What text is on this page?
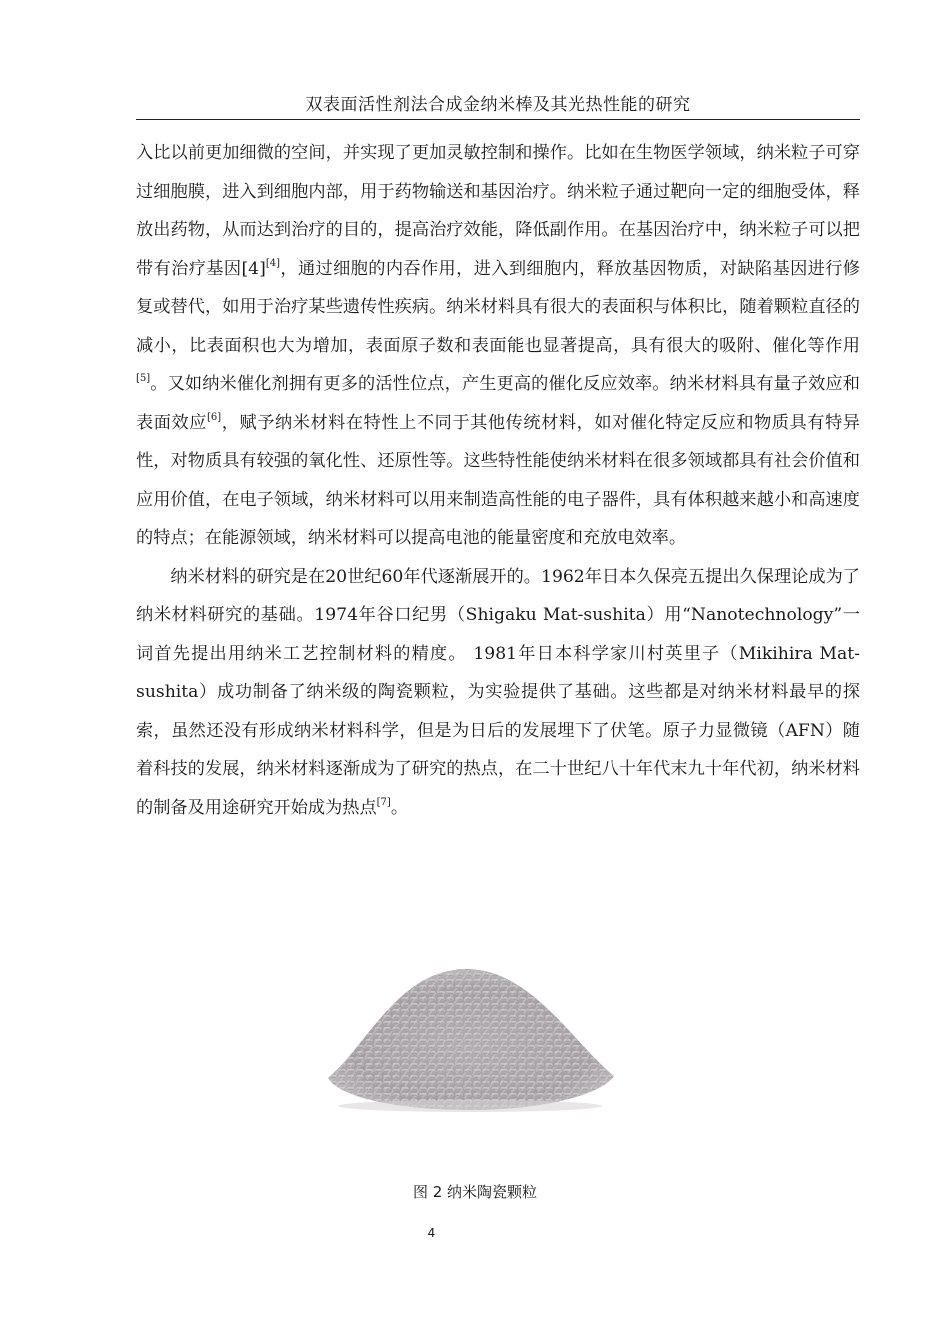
双表面活性剂法合成金纳米棒及其光热性能的研究

入比以前更加细微的空间，并实现了更加灵敏控制和操作。比如在生物医学领域，纳米粒子可穿过细胞膜，进入到细胞内部，用于药物输送和基因治疗。纳米粒子通过靶向一定的细胞受体，释放出药物，从而达到治疗的目的，提高治疗效能，降低副作用。在基因治疗中，纳米粒子可以把带有治疗基因[4][4]，通过细胞的内吞作用，进入到细胞内，释放基因物质，对缺陷基因进行修复或替代，如用于治疗某些遗传性疾病。纳米材料具有很大的表面积与体积比，随着颗粒直径的减小，比表面积也大为增加，表面原子数和表面能也显著提高，具有很大的吸附、催化等作用[5]。又如纳米催化剂拥有更多的活性位点，产生更高的催化反应效率。纳米材料具有量子效应和表面效应[6]，赋予纳米材料在特性上不同于其他传统材料，如对催化特定反应和物质具有特异性，对物质具有较强的氧化性、还原性等。这些特性能使纳米材料在很多领域都具有社会价值和应用价值，在电子领域，纳米材料可以用来制造高性能的电子器件，具有体积越来越小和高速度的特点；在能源领域，纳米材料可以提高电池的能量密度和充放电效率。

纳米材料的研究是在20世纪60年代逐渐展开的。1962年日本久保亮五提出久保理论成为了纳米材料研究的基础。1974年谷口纪男（Shigaku Mat-sushita）用“Nanotechnology”一词首先提出用纳米工艺控制材料的精度。 1981年日本科学家川村英里子（Mikihira Mat-sushita）成功制备了纳米级的陶瓷颗粒，为实验提供了基础。这些都是对纳米材料最早的探索，虽然还没有形成纳米材料科学，但是为日后的发展埋下了伏笔。原子力显微镜（AFN）随着科技的发展，纳米材料逐渐成为了研究的热点，在二十世纪八十年代末九十年代初，纳米材料的制备及用途研究开始成为热点[7]。

图 2 纳米陶瓷颗粒
4
